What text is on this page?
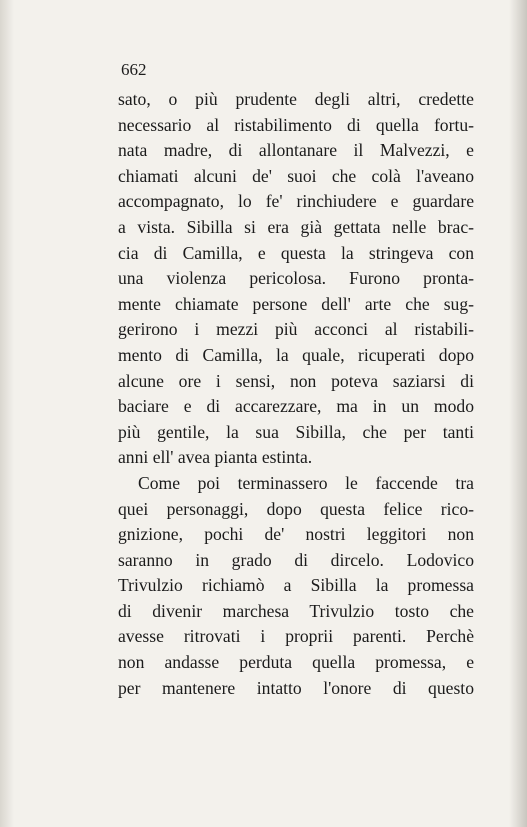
662

sato, o più prudente degli altri, credette
necessario al ristabilimento di quella fortu-
nata madre, di allontanare il Malvezzi, e
chiamati alcuni de' suoi che colà l'aveano
accompagnato, lo fe' rinchiudere e guardare
a vista. Sibilla si era già gettata nelle brac-
cia di Camilla, e questa la stringeva con
una violenza pericolosa. Furono pronta-
mente chiamate persone dell' arte che sug-
gerirono i mezzi più acconci al ristabili-
mento di Camilla, la quale, ricuperati dopo
alcune ore i sensi, non poteva saziarsi di
baciare e di accarezzare, ma in un modo
più gentile, la sua Sibilla, che per tanti
anni ell' avea pianta estinta.
Come poi terminassero le faccende tra
quei personaggi, dopo questa felice rico-
gnizione, pochi de' nostri leggitori non
saranno in grado di dircelo. Lodovico
Trivulzio richiamò a Sibilla la promessa
di divenir marchesa Trivulzio tosto che
avesse ritrovati i proprii parenti. Perchè
non andasse perduta quella promessa, e
per mantenere intatto l'onore di questo
